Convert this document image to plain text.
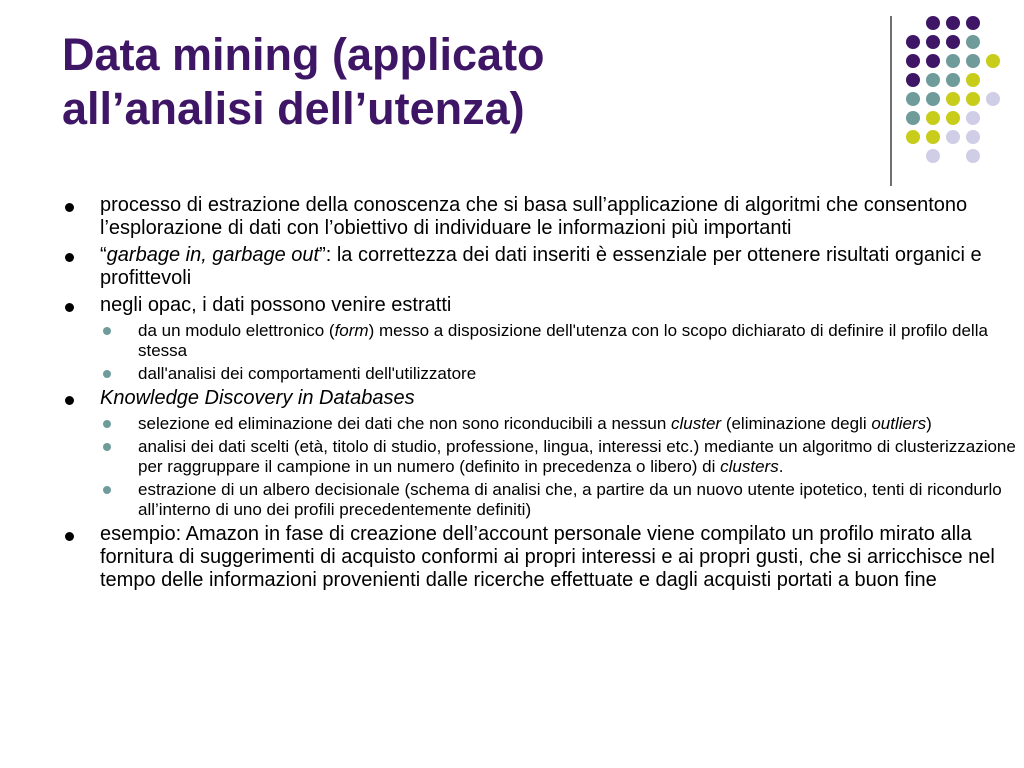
Data mining (applicato
all’analisi dell’utenza)
processo di estrazione della conoscenza che si basa sull’applicazione di algoritmi che consentono l’esplorazione di dati con l’obiettivo di individuare le informazioni più importanti
“garbage in, garbage out”: la correttezza dei dati inseriti è essenziale per ottenere risultati organici e profittevoli
negli opac, i dati possono venire estratti
da un modulo elettronico (form) messo a disposizione dell'utenza con lo scopo dichiarato di definire il profilo della stessa
dall'analisi dei comportamenti dell'utilizzatore
Knowledge Discovery in Databases
selezione ed eliminazione dei dati che non sono riconducibili a nessun cluster (eliminazione degli outliers)
analisi dei dati scelti (età, titolo di studio, professione, lingua, interessi etc.) mediante un algoritmo di clusterizzazione per raggruppare il campione in un numero (definito in precedenza o libero) di clusters.
estrazione di un albero decisionale (schema di analisi che, a partire da un nuovo utente ipotetico, tenti di ricondurlo all’interno di uno dei profili precedentemente definiti)
esempio: Amazon in fase di creazione dell’account personale viene compilato un profilo mirato alla fornitura di suggerimenti di acquisto conformi ai propri interessi e ai propri gusti, che si arricchisce nel tempo delle informazioni provenienti dalle ricerche effettuate e dagli acquisti portati a buon fine
